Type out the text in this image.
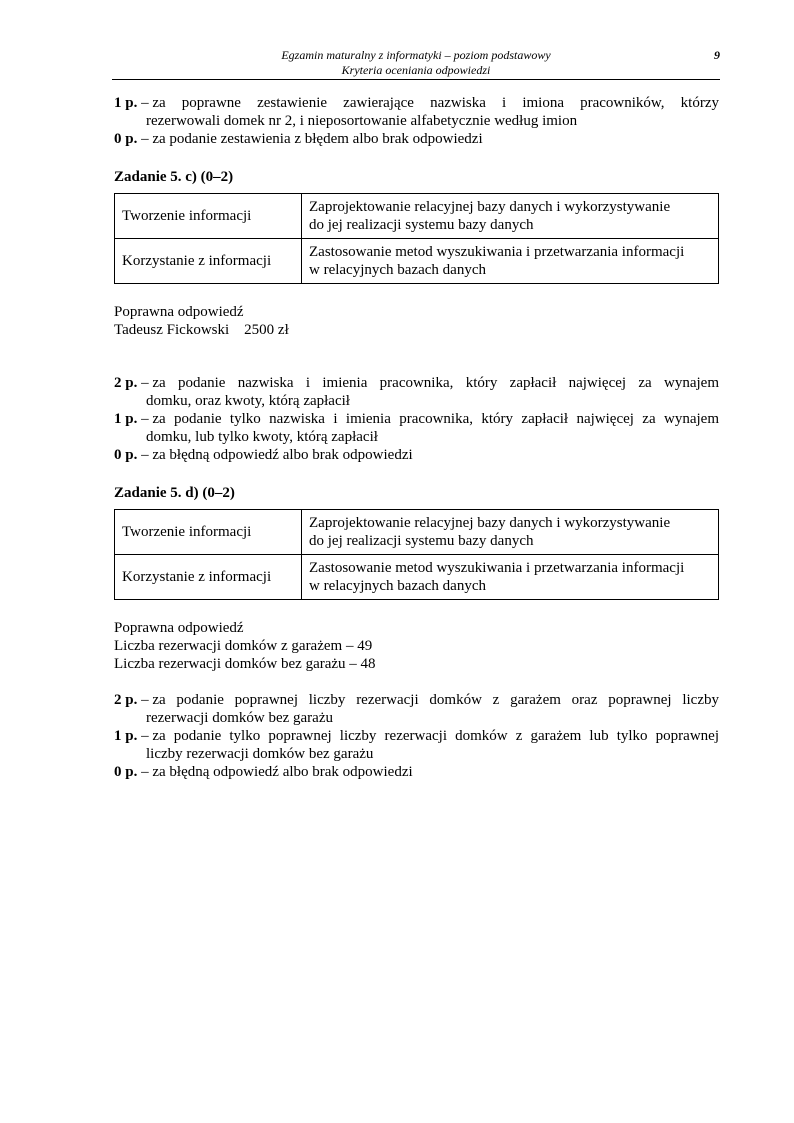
Egzamin maturalny z informatyki – poziom podstawowy
Kryteria oceniania odpowiedzi
9
1 p. – za poprawne zestawienie zawierające nazwiska i imiona pracowników, którzy
rezerwowali domek nr 2, i nieposortowanie alfabetycznie według imion
0 p. – za podanie zestawienia z błędem albo brak odpowiedzi
Zadanie 5. c) (0–2)
Tworzenie informacji	Zaprojektowanie relacyjnej bazy danych i wykorzystywanie
do jej realizacji systemu bazy danych
Korzystanie z informacji	Zastosowanie metod wyszukiwania i przetwarzania informacji
w relacyjnych bazach danych
Poprawna odpowiedź
Tadeusz Fickowski    2500 zł
2 p. – za podanie nazwiska i imienia pracownika, który zapłacił najwięcej za wynajem
domku, oraz kwoty, którą zapłacił
1 p. – za podanie tylko nazwiska i imienia pracownika, który zapłacił najwięcej za wynajem
domku, lub tylko kwoty, którą zapłacił
0 p. – za błędną odpowiedź albo brak odpowiedzi
Zadanie 5. d) (0–2)
Tworzenie informacji	Zaprojektowanie relacyjnej bazy danych i wykorzystywanie
do jej realizacji systemu bazy danych
Korzystanie z informacji	Zastosowanie metod wyszukiwania i przetwarzania informacji
w relacyjnych bazach danych
Poprawna odpowiedź
Liczba rezerwacji domków z garażem – 49
Liczba rezerwacji domków bez garażu – 48
2 p. – za podanie poprawnej liczby rezerwacji domków z garażem oraz poprawnej liczby
rezerwacji domków bez garażu
1 p. – za podanie tylko poprawnej liczby rezerwacji domków z garażem lub tylko poprawnej
liczby rezerwacji domków bez garażu
0 p. – za błędną odpowiedź albo brak odpowiedzi
